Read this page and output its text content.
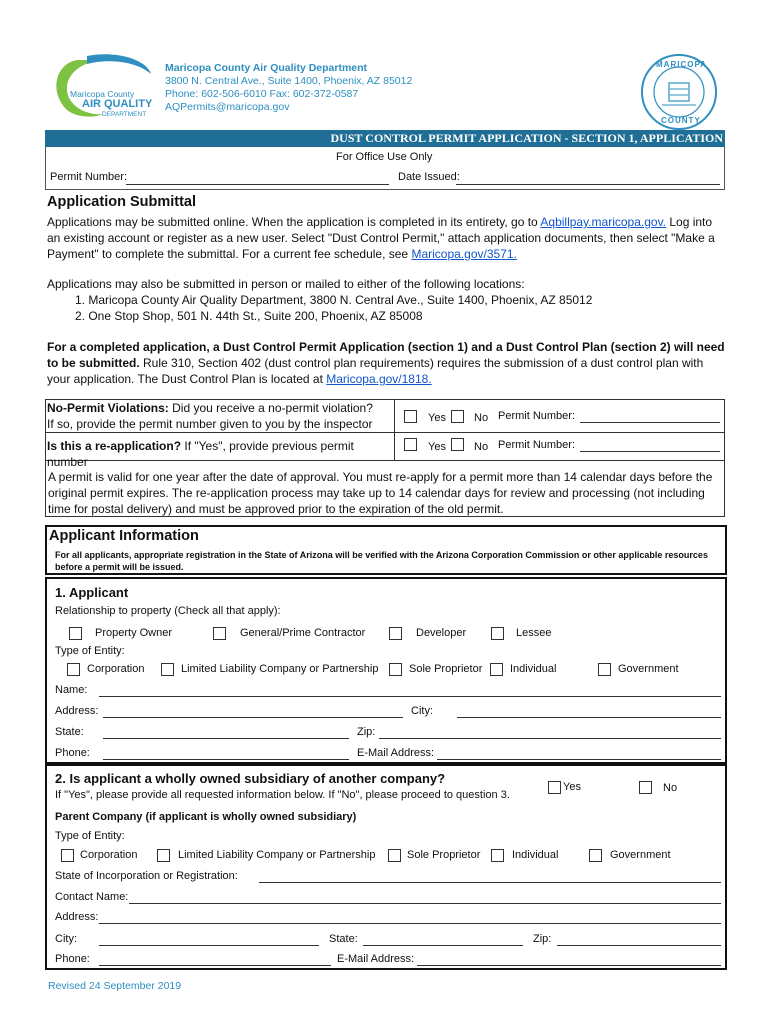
Maricopa County
AIR QUALITY
DEPARTMENT
Maricopa County Air Quality Department
3800 N. Central Ave., Suite 1400, Phoenix, AZ 85012
Phone: 602-506-6010 Fax: 602-372-0587
AQPermits@maricopa.gov
MARICOPA
COUNTY
DUST CONTROL PERMIT APPLICATION - SECTION 1, APPLICATION
For Office Use Only
Permit Number:	Date Issued:
Application Submittal
Applications may be submitted online. When the application is completed in its entirety, go to Aqbillpay.maricopa.gov. Log into an existing account or register as a new user. Select "Dust Control Permit," attach application documents, then select "Make a Payment" to complete the submittal. For a current fee schedule, see Maricopa.gov/3571.
Applications may also be submitted in person or mailed to either of the following locations:
1. Maricopa County Air Quality Department, 3800 N. Central Ave., Suite 1400, Phoenix, AZ 85012
2. One Stop Shop, 501 N. 44th St., Suite 200, Phoenix, AZ 85008
For a completed application, a Dust Control Permit Application (section 1) and a Dust Control Plan (section 2) will need to be submitted. Rule 310, Section 402 (dust control plan requirements) requires the submission of a dust control plan with your application. The Dust Control Plan is located at Maricopa.gov/1818.
No-Permit Violations: Did you receive a no-permit violation?
If so, provide the permit number given to you by the inspector	Yes	No Permit Number:
Is this a re-application? If "Yes", provide previous permit number
Yes	No Permit Number:
A permit is valid for one year after the date of approval. You must re-apply for a permit more than 14 calendar days before the original permit expires. The re-application process may take up to 14 calendar days for review and processing (not including time for postal delivery) and must be approved prior to the expiration of the old permit.
Applicant Information
For all applicants, appropriate registration in the State of Arizona will be verified with the Arizona Corporation Commission or other applicable resources before a permit will be issued.
1. Applicant
Relationship to property (Check all that apply):
Property Owner	General/Prime Contractor	Developer	Lessee
Type of Entity:
Corporation	Limited Liability Company or Partnership	Sole Proprietor	Individual	Government
Name:
Address:	City:
State:	Zip:
Phone:	E-Mail Address:
2. Is applicant a wholly owned subsidiary of another company?
If "Yes", please provide all requested information below. If "No", please proceed to question 3.
Yes	No
Parent Company (if applicant is wholly owned subsidiary)
Type of Entity:
Corporation	Limited Liability Company or Partnership	Sole Proprietor	Individual	Government
State of Incorporation or Registration:
Contact Name:
Address:
City:	State:	Zip:
Phone:	E-Mail Address:
Revised 24 September 2019
